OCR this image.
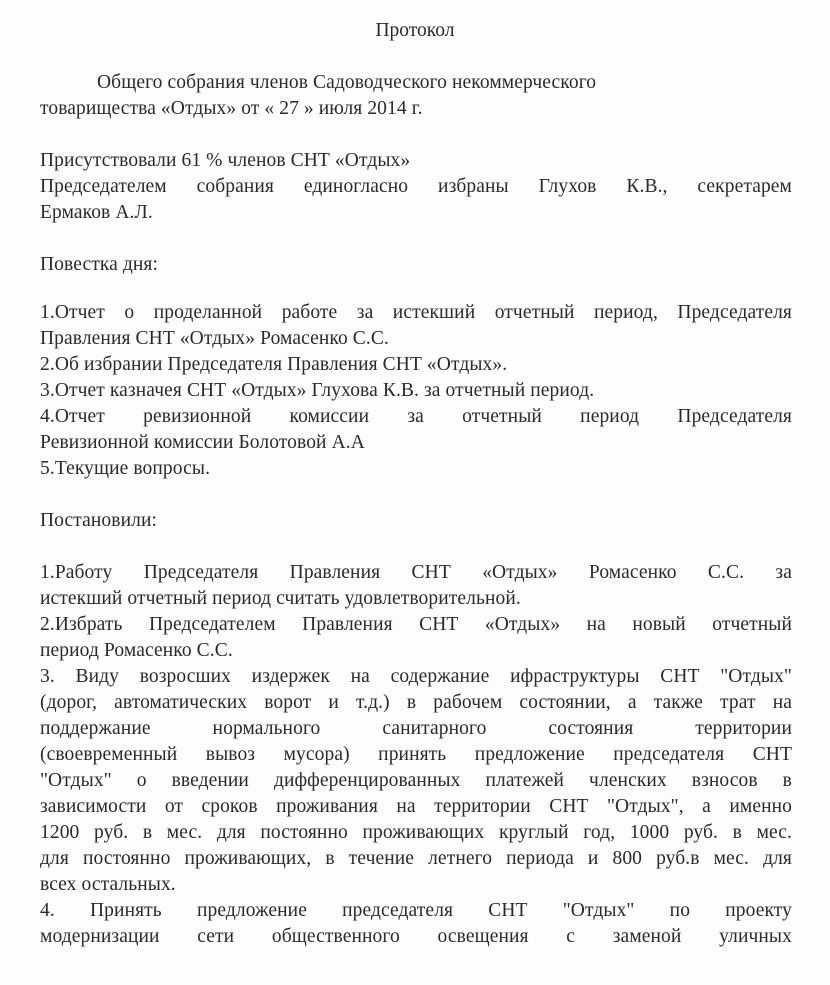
Протокол
Общего собрания членов Садоводческого некоммерческого
товарищества «Отдых» от « 27 » июля 2014 г.
Присутствовали 61 % членов СНТ «Отдых»
Председателем собрания единогласно избраны Глухов К.В., секретарем
Ермаков А.Л.
Повестка дня:
1.Отчет о проделанной работе за истекший отчетный период, Председателя
Правления СНТ «Отдых» Ромасенко С.С.
2.Об избрании Председателя Правления СНТ «Отдых».
3.Отчет казначея СНТ «Отдых» Глухова К.В. за отчетный период.
4.Отчет ревизионной комиссии за отчетный период Председателя
Ревизионной комиссии Болотовой А.А
5.Текущие вопросы.
Постановили:
1.Работу Председателя Правления СНТ «Отдых» Ромасенко С.С. за
истекший отчетный период считать удовлетворительной.
2.Избрать Председателем Правления СНТ «Отдых» на новый отчетный
период Ромасенко С.С.
3. Виду возросших издержек на содержание ифраструктуры СНТ "Отдых"
(дорог, автоматических ворот и т.д.) в рабочем состоянии, а также трат на
поддержание нормального санитарного состояния территории
(своевременный вывоз мусора) принять предложение председателя СНТ
"Отдых" о введении дифференцированных платежей членских взносов в
зависимости от сроков проживания на территории СНТ "Отдых", а именно
1200 руб. в мес. для постоянно проживающих круглый год, 1000 руб. в мес.
для постоянно проживающих, в течение летнего периода и 800 руб.в мес. для
всех остальных.
4. Принять предложение председателя СНТ "Отдых" по проекту
модернизации сети общественного освещения с заменой уличных
